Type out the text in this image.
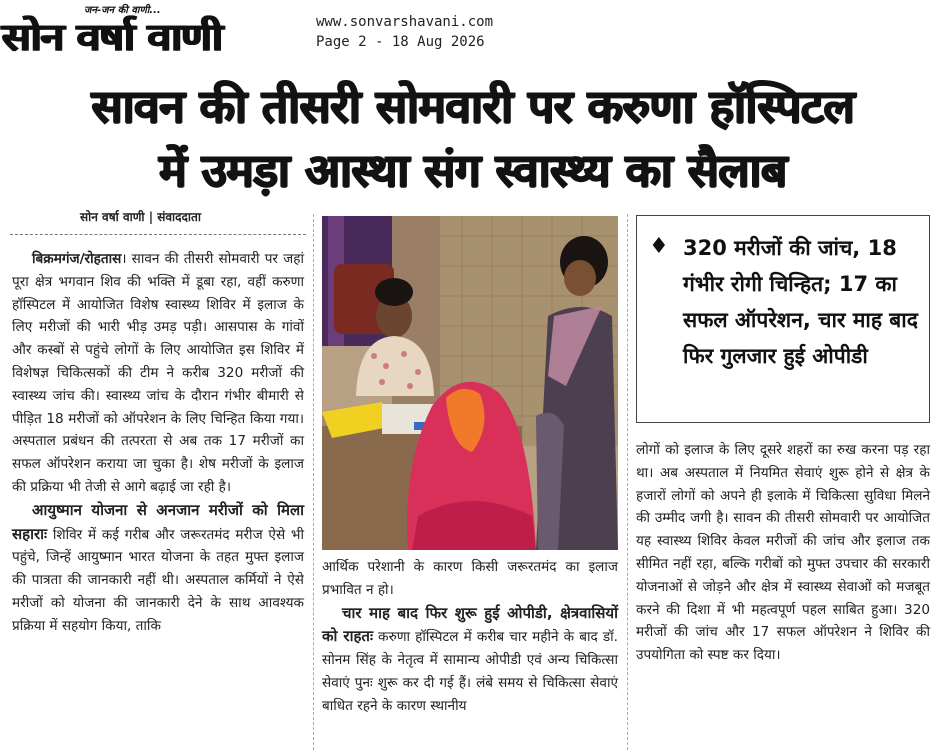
जन-जन की वाणी...
सोन वर्षा वाणी	www.sonvarshavani.com
Page 2 - 18 Aug 2026
सावन की तीसरी सोमवारी पर करुणा हॉस्पिटल
में उमड़ा आस्था संग स्वास्थ्य का सैलाब
सोन वर्षा वाणी | संवाददाता

बिक्रमगंज/रोहतास। सावन की तीसरी सोमवारी पर जहां पूरा क्षेत्र भगवान शिव की भक्ति में डूबा रहा, वहीं करुणा हॉस्पिटल में आयोजित विशेष स्वास्थ्य शिविर में इलाज के लिए मरीजों की भारी भीड़ उमड़ पड़ी। आसपास के गांवों और कस्बों से पहुंचे लोगों के लिए आयोजित इस शिविर में विशेषज्ञ चिकित्सकों की टीम ने करीब 320 मरीजों की स्वास्थ्य जांच की। स्वास्थ्य जांच के दौरान गंभीर बीमारी से पीड़ित 18 मरीजों को ऑपरेशन के लिए चिन्हित किया गया। अस्पताल प्रबंधन की तत्परता से अब तक 17 मरीजों का सफल ऑपरेशन कराया जा चुका है। शेष मरीजों के इलाज की प्रक्रिया भी तेजी से आगे बढ़ाई जा रही है।

आयुष्मान योजना से अनजान मरीजों को मिला सहाराः शिविर में कई गरीब और जरूरतमंद मरीज ऐसे भी पहुंचे, जिन्हें आयुष्मान भारत योजना के तहत मुफ्त इलाज की पात्रता की जानकारी नहीं थी। अस्पताल कर्मियों ने ऐसे मरीजों को योजना की जानकारी देने के साथ आवश्यक प्रक्रिया में सहयोग किया, ताकि

आर्थिक परेशानी के कारण किसी जरूरतमंद का इलाज प्रभावित न हो।

चार माह बाद फिर शुरू हुई ओपीडी, क्षेत्रवासियों को राहतः करुणा हॉस्पिटल में करीब चार महीने के बाद डॉ. सोनम सिंह के नेतृत्व में सामान्य ओपीडी एवं अन्य चिकित्सा सेवाएं पुनः शुरू कर दी गई हैं। लंबे समय से चिकित्सा सेवाएं बाधित रहने के कारण स्थानीय

♦ 320 मरीजों की जांच, 18 गंभीर रोगी चिन्हित; 17 का सफल ऑपरेशन, चार माह बाद फिर गुलजार हुई ओपीडी

लोगों को इलाज के लिए दूसरे शहरों का रुख करना पड़ रहा था। अब अस्पताल में नियमित सेवाएं शुरू होने से क्षेत्र के हजारों लोगों को अपने ही इलाके में चिकित्सा सुविधा मिलने की उम्मीद जगी है। सावन की तीसरी सोमवारी पर आयोजित यह स्वास्थ्य शिविर केवल मरीजों की जांच और इलाज तक सीमित नहीं रहा, बल्कि गरीबों को मुफ्त उपचार की सरकारी योजनाओं से जोड़ने और क्षेत्र में स्वास्थ्य सेवाओं को मजबूत करने की दिशा में भी महत्वपूर्ण पहल साबित हुआ। 320 मरीजों की जांच और 17 सफल ऑपरेशन ने शिविर की उपयोगिता को स्पष्ट कर दिया।
